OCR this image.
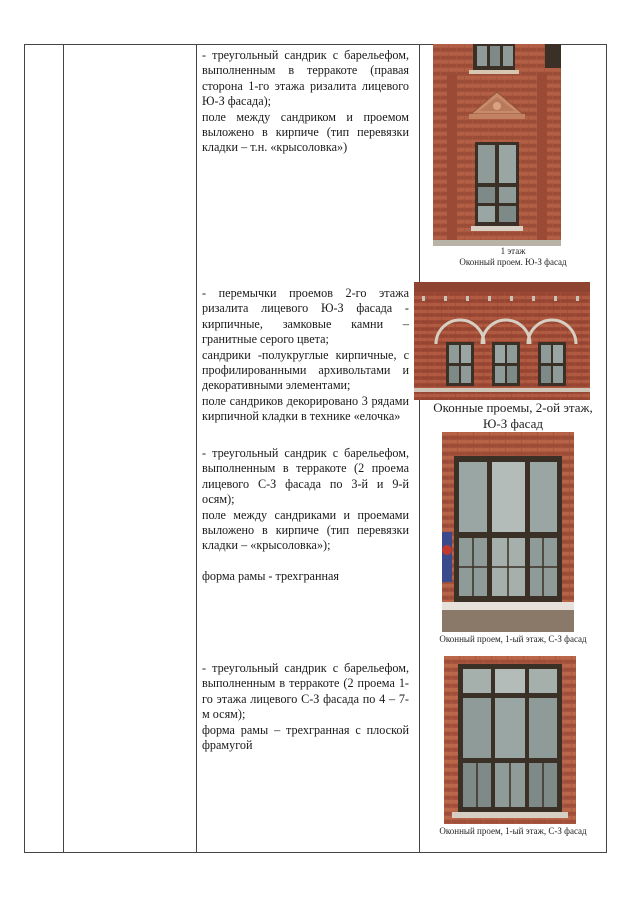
- треугольный сандрик с барельефом, выполненным в терракоте (правая сторона 1-го этажа ризалита лицевого Ю-З фасада);

поле между сандриком и проемом выложено в кирпиче (тип перевязки кладки – т.н. «крысоловка»)

1 этаж
Оконный проем. Ю-З фасад

- перемычки проемов 2-го этажа ризалита лицевого Ю-З фасада - кирпичные, замковые камни – гранитные серого цвета;

сандрики -полукруглые кирпичные, с профилированными архивольтами и декоративными элементами;

поле сандриков декорировано 3 рядами кирпичной кладки в технике «елочка»

Оконные проемы, 2-ой этаж,
Ю-З фасад

- треугольный сандрик с барельефом, выполненным в терракоте (2 проема лицевого С-З фасада по 3-й и 9-й осям);

поле между сандриками и проемами выложено в кирпиче (тип перевязки кладки – «крысоловка»);

форма рамы - трехгранная

Оконный проем, 1-ый этаж, С-З фасад

- треугольный сандрик с барельефом, выполненным в терракоте (2 проема 1-го этажа лицевого С-З фасада по 4 – 7-м осям);

форма рамы – трехгранная с плоской фрамугой

Оконный проем, 1-ый этаж, С-З фасад
